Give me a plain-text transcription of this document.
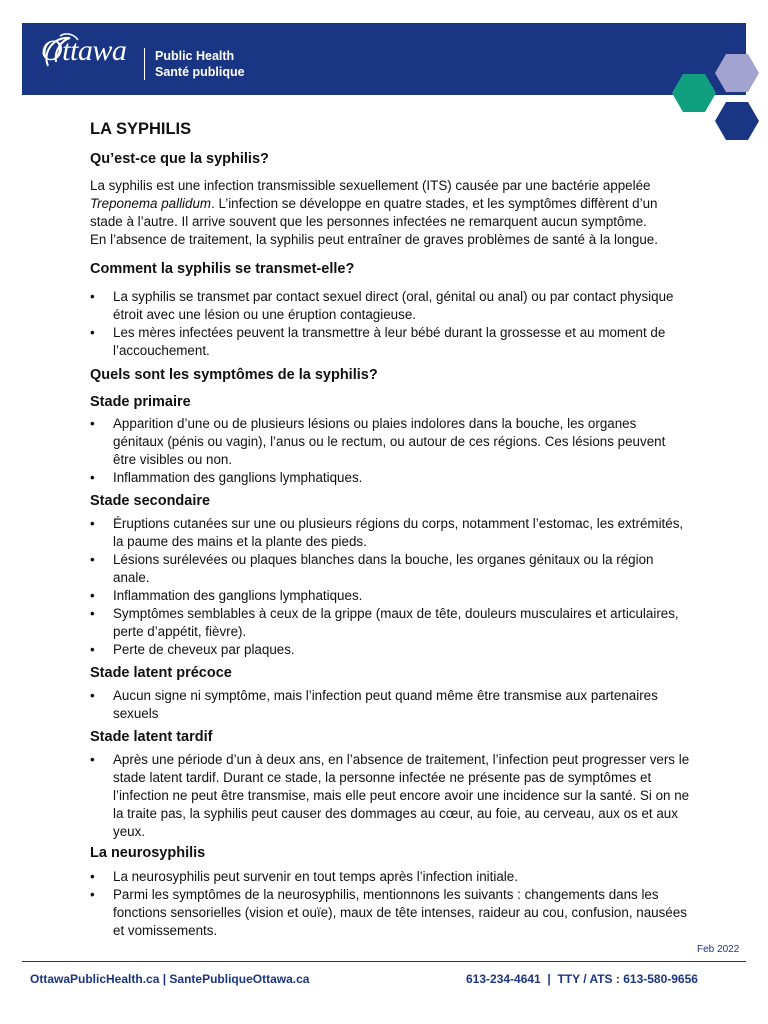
Ottawa Public Health
Santé publique
LA SYPHILIS
Qu’est-ce que la syphilis?
La syphilis est une infection transmissible sexuellement (ITS) causée par une bactérie appelée
Treponema pallidum. L’infection se développe en quatre stades, et les symptômes diffèrent d’un
stade à l’autre. Il arrive souvent que les personnes infectées ne remarquent aucun symptôme.
En l’absence de traitement, la syphilis peut entraîner de graves problèmes de santé à la longue.
Comment la syphilis se transmet-elle?
• La syphilis se transmet par contact sexuel direct (oral, génital ou anal) ou par contact physique étroit avec une lésion ou une éruption contagieuse.
• Les mères infectées peuvent la transmettre à leur bébé durant la grossesse et au moment de l’accouchement.
Quels sont les symptômes de la syphilis?
Stade primaire
• Apparition d’une ou de plusieurs lésions ou plaies indolores dans la bouche, les organes génitaux (pénis ou vagin), l’anus ou le rectum, ou autour de ces régions. Ces lésions peuvent être visibles ou non.
• Inflammation des ganglions lymphatiques.
Stade secondaire
• Éruptions cutanées sur une ou plusieurs régions du corps, notamment l’estomac, les extrémités, la paume des mains et la plante des pieds.
• Lésions surélevées ou plaques blanches dans la bouche, les organes génitaux ou la région anale.
• Inflammation des ganglions lymphatiques.
• Symptômes semblables à ceux de la grippe (maux de tête, douleurs musculaires et articulaires, perte d’appétit, fièvre).
• Perte de cheveux par plaques.
Stade latent précoce
• Aucun signe ni symptôme, mais l’infection peut quand même être transmise aux partenaires sexuels
Stade latent tardif
• Après une période d’un à deux ans, en l’absence de traitement, l’infection peut progresser vers le stade latent tardif. Durant ce stade, la personne infectée ne présente pas de symptômes et l’infection ne peut être transmise, mais elle peut encore avoir une incidence sur la santé. Si on ne la traite pas, la syphilis peut causer des dommages au cœur, au foie, au cerveau, aux os et aux yeux.
La neurosyphilis
• La neurosyphilis peut survenir en tout temps après l’infection initiale.
• Parmi les symptômes de la neurosyphilis, mentionnons les suivants : changements dans les fonctions sensorielles (vision et ouïe), maux de tête intenses, raideur au cou, confusion, nausées et vomissements.
Feb 2022
OttawaPublicHealth.ca | SantePubliqueOttawa.ca	613-234-4641  |  TTY / ATS : 613-580-9656
